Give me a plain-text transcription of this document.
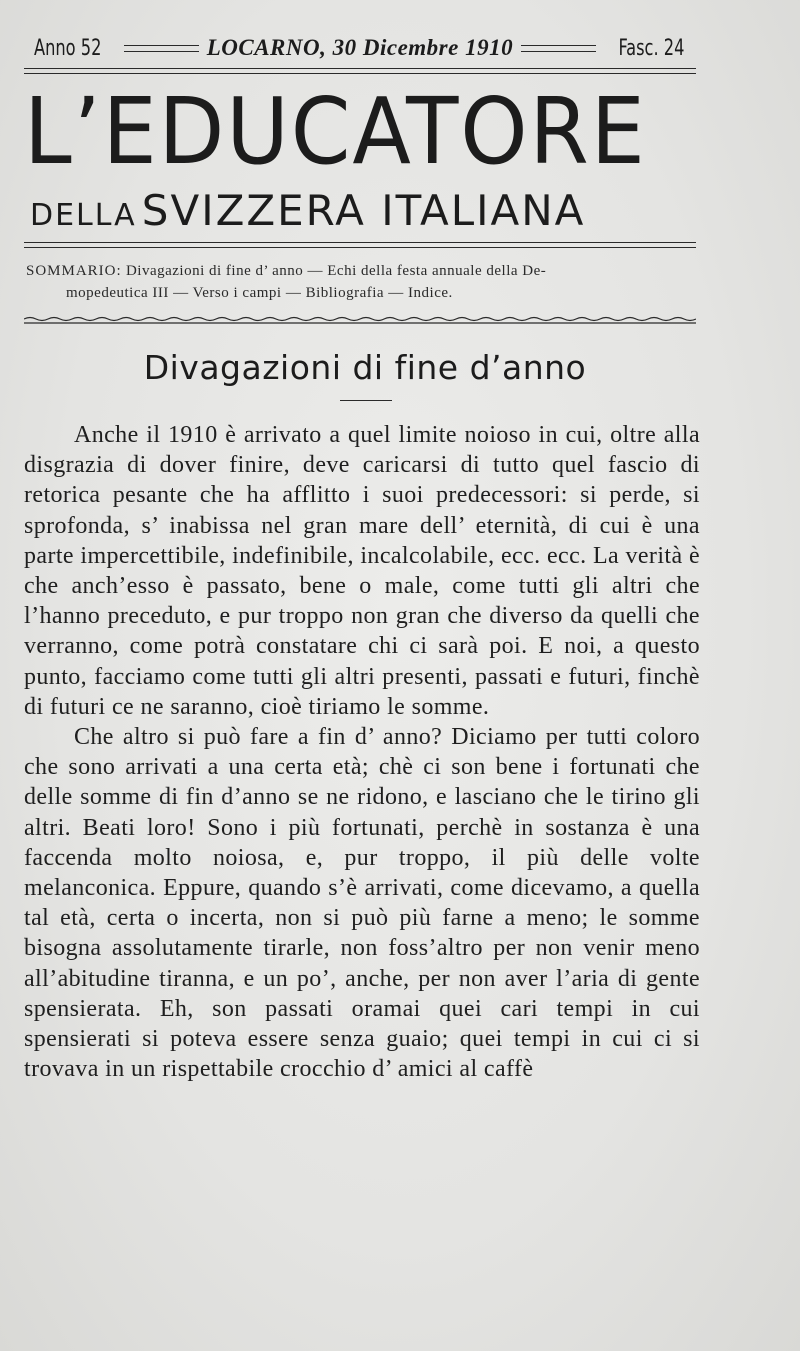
Anno 52	LOCARNO, 30 Dicembre 1910	Fasc. 24
L’EDUCATORE
DELLA SVIZZERA ITALIANA
SOMMARIO: Divagazioni di fine d’ anno — Echi della festa annuale della De-
mopedeutica III — Verso i campi — Bibliografia — Indice.
Divagazioni di fine d’anno

Anche il 1910 è arrivato a quel limite noioso in cui, oltre alla disgrazia di dover finire, deve caricarsi di tutto quel fascio di retorica pesante che ha afflitto i suoi predecessori: si perde, si sprofonda, s’ inabissa nel gran mare dell’ eternità, di cui è una parte impercettibile, indefinibile, incalcolabile, ecc. ecc. La verità è che anch’esso è passato, bene o male, come tutti gli altri che l’hanno preceduto, e pur troppo non gran che diverso da quelli che verranno, come potrà constatare chi ci sarà poi. E noi, a questo punto, facciamo come tutti gli altri presenti, passati e futuri, finchè di futuri ce ne saranno, cioè tiriamo le somme.

Che altro si può fare a fin d’ anno? Diciamo per tutti coloro che sono arrivati a una certa età; chè ci son bene i fortunati che delle somme di fin d’anno se ne ridono, e lasciano che le tirino gli altri. Beati loro! Sono i più fortunati, perchè in sostanza è una faccenda molto noiosa, e, pur troppo, il più delle volte melanconica. Eppure, quando s’è arrivati, come dicevamo, a quella tal età, certa o incerta, non si può più farne a meno; le somme bisogna assolutamente tirarle, non foss’altro per non venir meno all’abitudine tiranna, e un po’, anche, per non aver l’aria di gente spensierata. Eh, son passati oramai quei cari tempi in cui spensierati si poteva essere senza guaio; quei tempi in cui ci si trovava in un rispettabile crocchio d’ amici al caffè
